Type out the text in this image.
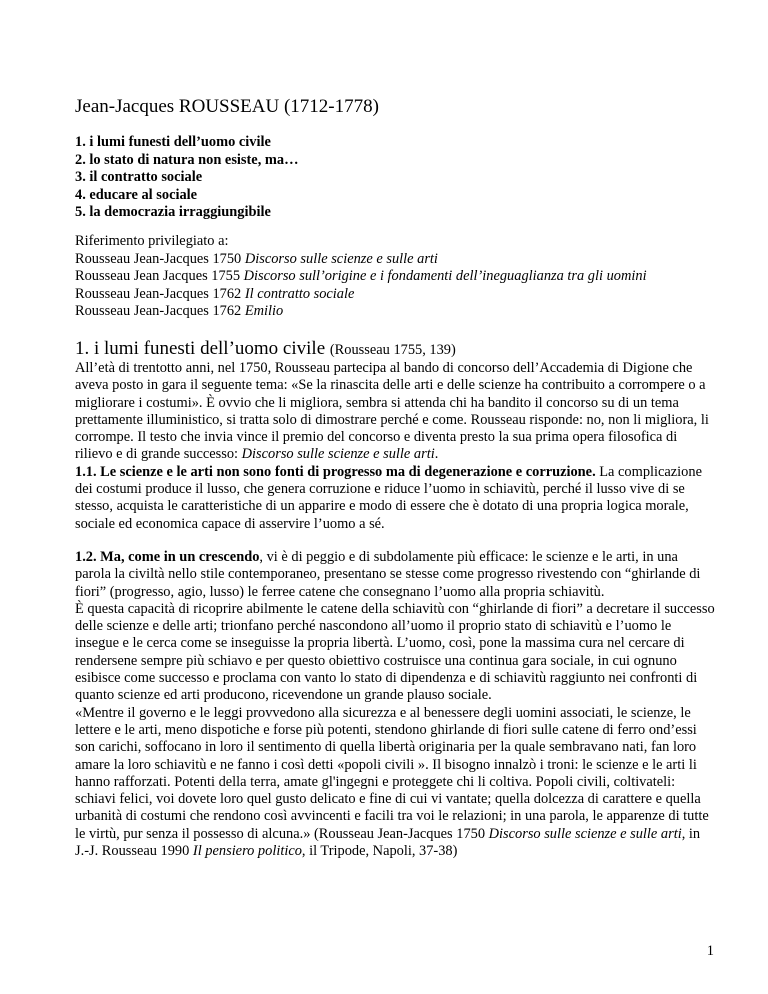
Jean-Jacques ROUSSEAU (1712-1778)
1. i lumi funesti dell’uomo civile
2. lo stato di natura non esiste, ma…
3. il contratto sociale
4. educare al sociale
5. la democrazia irraggiungibile
Riferimento privilegiato a:
Rousseau Jean-Jacques 1750 Discorso sulle scienze e sulle arti
Rousseau Jean Jacques 1755 Discorso sull’origine e i fondamenti dell’ineguaglianza tra gli uomini
Rousseau Jean-Jacques 1762 Il contratto sociale
Rousseau Jean-Jacques 1762 Emilio
1. i lumi funesti dell’uomo civile (Rousseau 1755, 139)

All’età di trentotto anni, nel 1750, Rousseau partecipa al bando di concorso dell’Accademia di Digione che aveva posto in gara il seguente tema: «Se la rinascita delle arti e delle scienze ha contribuito a corrompere o a migliorare i costumi». È ovvio che li migliora, sembra si attenda chi ha bandito il concorso su di un tema prettamente illuministico, si tratta solo di dimostrare perché e come. Rousseau risponde: no, non li migliora, li corrompe. Il testo che invia vince il premio del concorso e diventa presto la sua prima opera filosofica di rilievo e di grande successo: Discorso sulle scienze e sulle arti.

1.1. Le scienze e le arti non sono fonti di progresso ma di degenerazione e corruzione. La complicazione dei costumi produce il lusso, che genera corruzione e riduce l’uomo in schiavitù, perché il lusso vive di se stesso, acquista le caratteristiche di un apparire e modo di essere che è dotato di una propria logica morale, sociale ed economica capace di asservire l’uomo a sé.

1.2. Ma, come in un crescendo, vi è di peggio e di subdolamente più efficace: le scienze e le arti, in una parola la civiltà nello stile contemporaneo, presentano se stesse come progresso rivestendo con “ghirlande di fiori” (progresso, agio, lusso) le ferree catene che consegnano l’uomo alla propria schiavitù.

È questa capacità di ricoprire abilmente le catene della schiavitù con “ghirlande di fiori” a decretare il successo delle scienze e delle arti; trionfano perché nascondono all’uomo il proprio stato di schiavitù e l’uomo le insegue e le cerca come se inseguisse la propria libertà. L’uomo, così, pone la massima cura nel cercare di rendersene sempre più schiavo e per questo obiettivo costruisce una continua gara sociale, in cui ognuno esibisce come successo e proclama con vanto lo stato di dipendenza e di schiavitù raggiunto nei confronti di quanto scienze ed arti producono, ricevendone un grande plauso sociale.

«Mentre il governo e le leggi provvedono alla sicurezza e al benessere degli uomini associati, le scienze, le lettere e le arti, meno dispotiche e forse più potenti, stendono ghirlande di fiori sulle catene di ferro ond’essi son carichi, soffocano in loro il sentimento di quella libertà originaria per la quale sembravano nati, fan loro amare la loro schiavitù e ne fanno i così detti «popoli civili ». Il bisogno innalzò i troni: le scienze e le arti li hanno rafforzati. Potenti della terra, amate gl'ingegni e proteggete chi li coltiva. Popoli civili, coltivateli: schiavi felici, voi dovete loro quel gusto delicato e fine di cui vi vantate; quella dolcezza di carattere e quella urbanità di costumi che rendono così avvincenti e facili tra voi le relazioni; in una parola, le apparenze di tutte le virtù, pur senza il possesso di alcuna.» (Rousseau Jean-Jacques 1750 Discorso sulle scienze e sulle arti, in J.-J. Rousseau 1990 Il pensiero politico, il Tripode, Napoli, 37-38)

1
